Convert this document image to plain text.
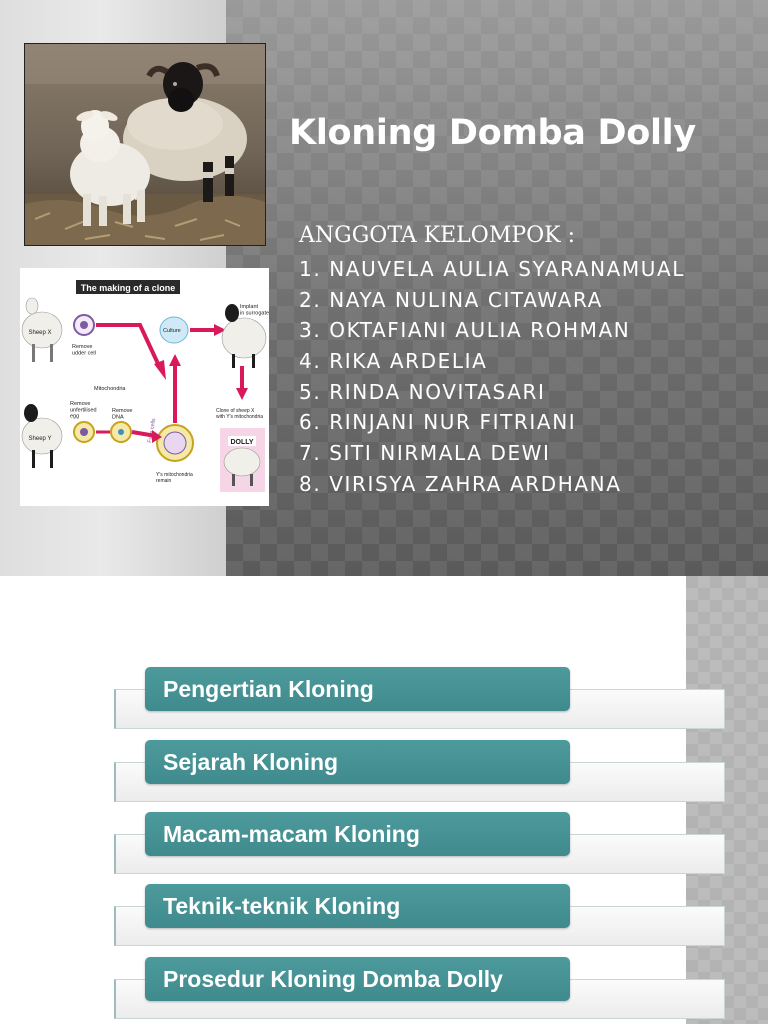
The making of a clone
Sheep X
Sheep Y
Remove udder cell
Remove unfertilised egg
Mitochondria
Remove DNA
Culture
cells
Implant in surrogate
Clone of sheep X with Y's mitochondria
Y's mitochondria remain
DOLLY
Kloning Domba Dolly
ANGGOTA KELOMPOK :
1. NAUVELA AULIA SYARANAMUAL
2. NAYA NULINA CITAWARA
3. OKTAFIANI AULIA ROHMAN
4. RIKA ARDELIA
5. RINDA NOVITASARI
6. RINJANI NUR FITRIANI
7. SITI NIRMALA DEWI
8. VIRISYA ZAHRA ARDHANA
Pengertian Kloning
Sejarah Kloning
Macam-macam Kloning
Teknik-teknik Kloning
Prosedur Kloning Domba Dolly
